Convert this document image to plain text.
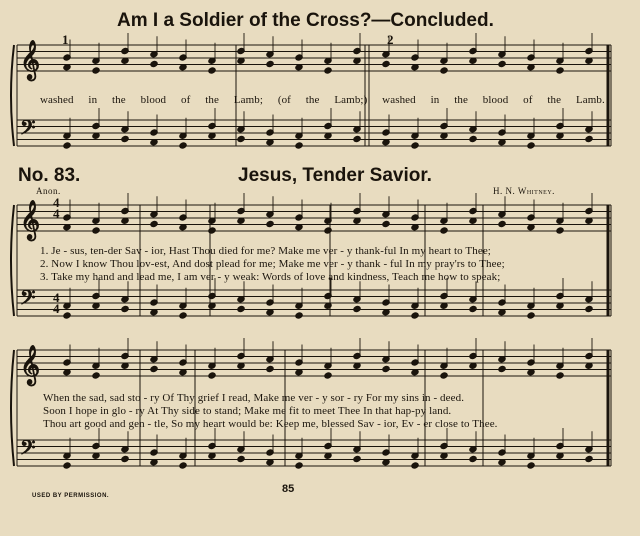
Am I a Soldier of the Cross?—Concluded.
1	2
𝄞
𝄢
𝄞
𝄢
𝄞
𝄢
washed in the blood of the Lamb; (of the Lamb;) washed in the blood of the Lamb.
No. 83.	Jesus, Tender Savior.
Anon.	H. N. Whitney.
1. Je - sus, ten-der Sav - ior, Hast Thou died for me? Make me ver - y thank-ful In my heart to Thee;
2. Now I know Thou lov-est, And dost plead for me; Make me ver - y thank - ful In my pray'rs to Thee;
3. Take my hand and lead me, I am ver - y weak: Words of love and kindness, Teach me how to speak;
When the sad, sad sto - ry Of Thy grief I read, Make me ver - y sor - ry For my sins in - deed.
Soon I hope in glo - ry At Thy side to stand; Make me fit to meet Thee In that hap-py land.
Thou art good and gen - tle, So my heart would be: Keep me, blessed Sav - ior, Ev - er close to Thee.
4
4
4
4
USED BY PERMISSION.
85
